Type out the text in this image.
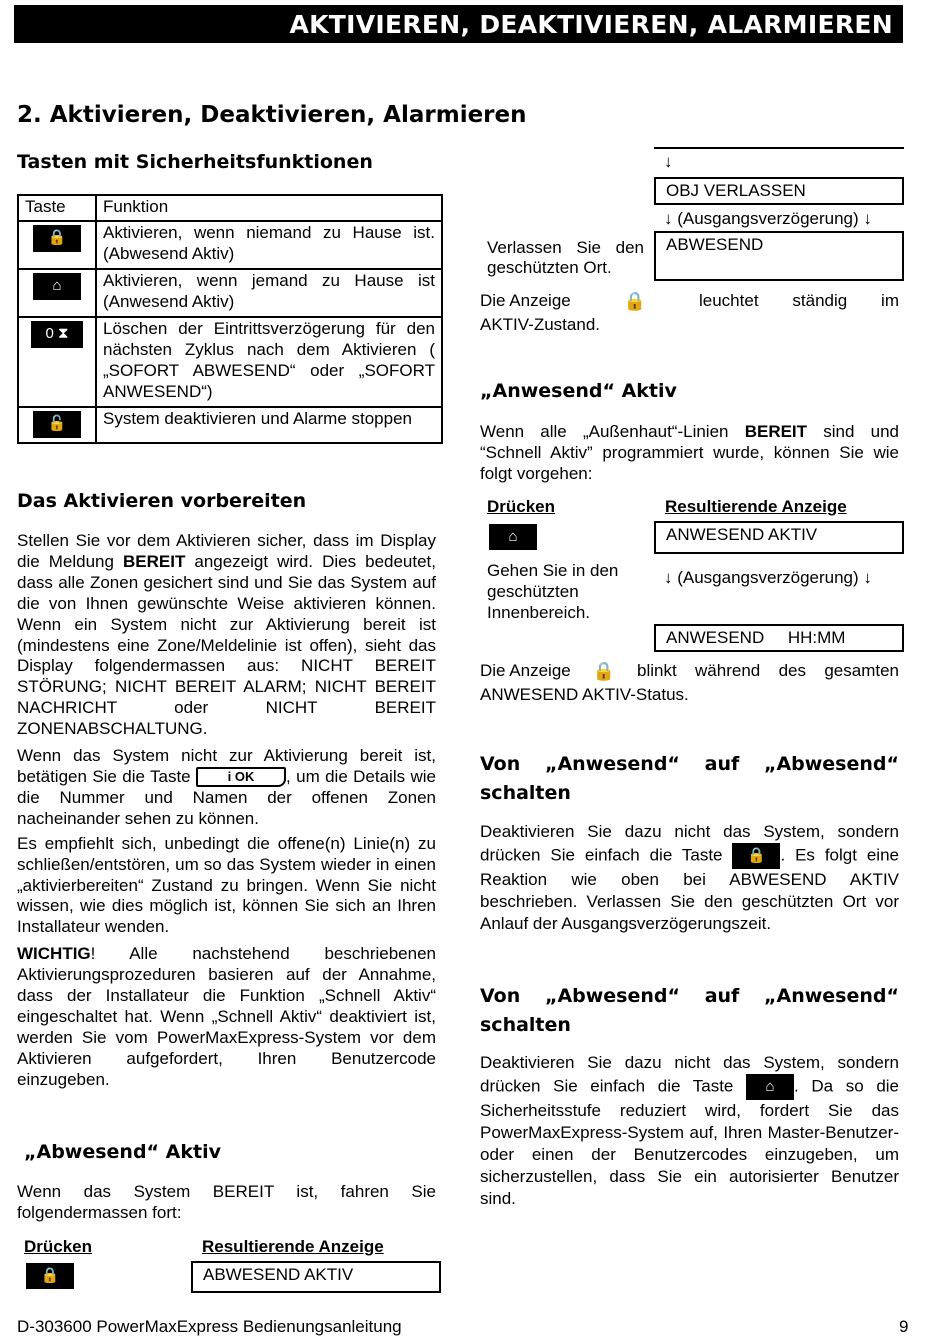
AKTIVIEREN, DEAKTIVIEREN, ALARMIEREN
2. Aktivieren, Deaktivieren, Alarmieren
Tasten mit Sicherheitsfunktionen
Taste	Funktion
🔒	Aktivieren, wenn niemand zu Hause ist. (Abwesend Aktiv)
⌂	Aktivieren, wenn jemand zu Hause ist (Anwesend Aktiv)
0 ⧗	Löschen der Eintrittsverzögerung für den nächsten Zyklus nach dem Aktivieren ( „SOFORT ABWESEND“ oder „SOFORT ANWESEND“)
🔓	System deaktivieren und Alarme stoppen
Das Aktivieren vorbereiten

Stellen Sie vor dem Aktivieren sicher, dass im Display die Meldung BEREIT angezeigt wird. Dies bedeutet, dass alle Zonen gesichert sind und Sie das System auf die von Ihnen gewünschte Weise aktivieren können. Wenn ein System nicht zur Aktivierung bereit ist (mindestens eine Zone/Meldelinie ist offen), sieht das Display folgendermassen aus: NICHT BEREIT STÖRUNG; NICHT BEREIT ALARM; NICHT BEREIT NACHRICHT oder NICHT BEREIT ZONENABSCHALTUNG.

Wenn das System nicht zur Aktivierung bereit ist, betätigen Sie die Taste i OK , um die Details wie die Nummer und Namen der offenen Zonen nacheinander sehen zu können.

Es empfiehlt sich, unbedingt die offene(n) Linie(n) zu schließen/entstören, um so das System wieder in einen „aktivierbereiten“ Zustand zu bringen. Wenn Sie nicht wissen, wie dies möglich ist, können Sie sich an Ihren Installateur wenden.

WICHTIG! Alle nachstehend beschriebenen Aktivierungsprozeduren basieren auf der Annahme, dass der Installateur die Funktion „Schnell Aktiv“ eingeschaltet hat. Wenn „Schnell Aktiv“ deaktiviert ist, werden Sie vom PowerMaxExpress-System vor dem Aktivieren aufgefordert, Ihren Benutzercode einzugeben.

„Abwesend“ Aktiv
Wenn das System BEREIT ist, fahren Sie folgendermassen fort:
Drücken	Resultierende Anzeige
🔒	ABWESEND AKTIV
↓
OBJ VERLASSEN
↓ (Ausgangsverzögerung) ↓
ABWESEND
Verlassen Sie den geschützten Ort.
Die Anzeige	🔒	leuchtet ständig im
AKTIV-Zustand.
„Anwesend“ Aktiv
Wenn alle „Außenhaut“-Linien BEREIT sind und “Schnell Aktiv” programmiert wurde, können Sie wie folgt vorgehen:
Drücken	Resultierende Anzeige
⌂	ANWESEND AKTIV
Gehen Sie in den geschützten Innenbereich.
↓ (Ausgangsverzögerung) ↓
ANWESEND     HH:MM
Die Anzeige 🔒 blinkt während des gesamten
ANWESEND AKTIV-Status.
Von „Anwesend“ auf „Abwesend“ schalten
Deaktivieren Sie dazu nicht das System, sondern drücken Sie einfach die Taste 🔒 . Es folgt eine Reaktion wie oben bei ABWESEND AKTIV beschrieben. Verlassen Sie den geschützten Ort vor Anlauf der Ausgangsverzögerungszeit.
Von „Abwesend“ auf „Anwesend“ schalten
Deaktivieren Sie dazu nicht das System, sondern drücken Sie einfach die Taste ⌂ . Da so die Sicherheitsstufe reduziert wird, fordert Sie das PowerMaxExpress-System auf, Ihren Master-Benutzer- oder einen der Benutzercodes einzugeben, um sicherzustellen, dass Sie ein autorisierter Benutzer sind.
D-303600 PowerMaxExpress Bedienungsanleitung	9
